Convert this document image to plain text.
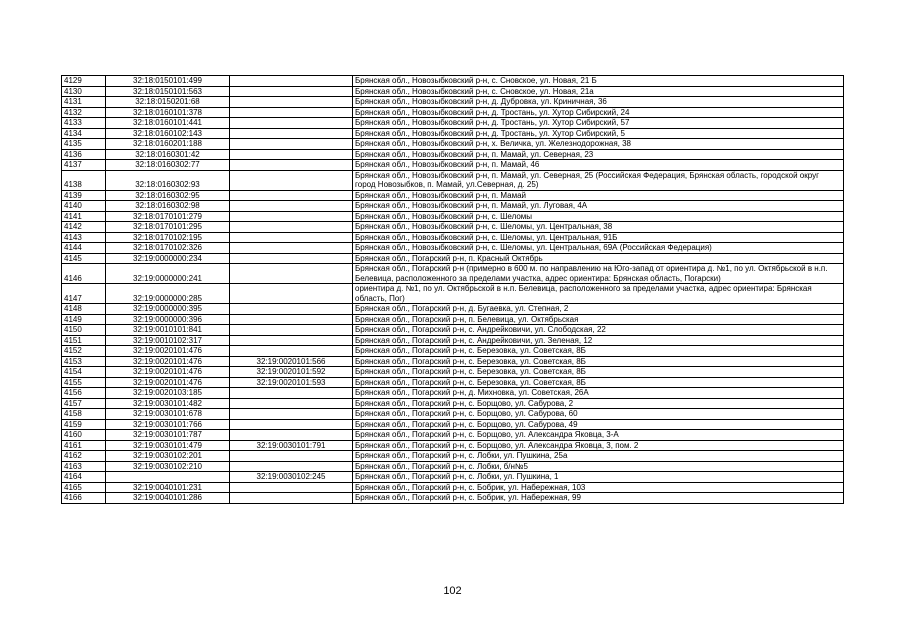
4129	32:18:0150101:499		Брянская обл., Новозыбковский р-н, с. Сновское, ул. Новая, 21 Б
4130	32:18:0150101:563		Брянская обл., Новозыбковский р-н, с. Сновское, ул. Новая, 21а
4131	32:18:0150201:68		Брянская обл., Новозыбковский р-н, д. Дубровка, ул. Криничная, 36
4132	32:18:0160101:378		Брянская обл., Новозыбковский р-н, д. Тростань, ул. Хутор Сибирский, 24
4133	32:18:0160101:441		Брянская обл., Новозыбковский р-н, д. Тростань, ул. Хутор Сибирский, 57
4134	32:18:0160102:143		Брянская обл., Новозыбковский р-н, д. Тростань, ул. Хутор Сибирский, 5
4135	32:18:0160201:188		Брянская обл., Новозыбковский р-н, х. Величка, ул. Железнодорожная, 38
4136	32:18:0160301:42		Брянская обл., Новозыбковский р-н, п. Мамай, ул. Северная, 23
4137	32:18:0160302:77		Брянская обл., Новозыбковский р-н, п. Мамай, 46
4138	32:18:0160302:93		Брянская обл., Новозыбковский р-н, п. Мамай, ул. Северная, 25 (Российская Федерация, Брянская область, городской округ город Новозыбков, п. Мамай, ул.Северная, д. 25)
4139	32:18:0160302:95		Брянская обл., Новозыбковский р-н, п. Мамай
4140	32:18:0160302:98		Брянская обл., Новозыбковский р-н, п. Мамай, ул. Луговая, 4А
4141	32:18:0170101:279		Брянская обл., Новозыбковский р-н, с. Шеломы
4142	32:18:0170101:295		Брянская обл., Новозыбковский р-н, с. Шеломы, ул. Центральная, 38
4143	32:18:0170102:195		Брянская обл., Новозыбковский р-н, с. Шеломы, ул. Центральная, 91Б
4144	32:18:0170102:326		Брянская обл., Новозыбковский р-н, с. Шеломы, ул. Центральная, 69А (Российская Федерация)
4145	32:19:0000000:234		Брянская обл., Погарский р-н, п. Красный Октябрь
4146	32:19:0000000:241		Брянская обл., Погарский р-н (примерно в 600 м. по направлению на Юго-запад от ориентира д. №1, по ул. Октябрьской в н.п. Белевица, расположенного за пределами участка, адрес ориентира: Брянская область, Погарски)
4147	32:19:0000000:285		ориентира д. №1, по ул. Октябрьской в н.п. Белевица, расположенного за пределами участка, адрес ориентира: Брянская область, Пог)
4148	32:19:0000000:395		Брянская обл., Погарский р-н, д. Бугаевка, ул. Степная, 2
4149	32:19:0000000:396		Брянская обл., Погарский р-н, п. Белевица, ул. Октябрьская
4150	32:19:0010101:841		Брянская обл., Погарский р-н, с. Андрейковичи, ул. Слободская, 22
4151	32:19:0010102:317		Брянская обл., Погарский р-н, с. Андрейковичи, ул. Зеленая, 12
4152	32:19:0020101:476		Брянская обл., Погарский р-н, с. Березовка, ул. Советская, 8Б
4153	32:19:0020101:476	32:19:0020101:566	Брянская обл., Погарский р-н, с. Березовка, ул. Советская, 8Б
4154	32:19:0020101:476	32:19:0020101:592	Брянская обл., Погарский р-н, с. Березовка, ул. Советская, 8Б
4155	32:19:0020101:476	32:19:0020101:593	Брянская обл., Погарский р-н, с. Березовка, ул. Советская, 8Б
4156	32:19:0020103:185		Брянская обл., Погарский р-н, д. Михновка, ул. Советская, 26А
4157	32:19:0030101:482		Брянская обл., Погарский р-н, с. Борщово, ул. Сабурова, 2
4158	32:19:0030101:678		Брянская обл., Погарский р-н, с. Борщово, ул. Сабурова, 60
4159	32:19:0030101:766		Брянская обл., Погарский р-н, с. Борщово, ул. Сабурова, 49
4160	32:19:0030101:787		Брянская обл., Погарский р-н, с. Борщово, ул. Александра Яковца, 3-А
4161	32:19:0030101:479	32:19:0030101:791	Брянская обл., Погарский р-н, с. Борщово, ул. Александра Яковца, 3, пом. 2
4162	32:19:0030102:201		Брянская обл., Погарский р-н, с. Лобки, ул. Пушкина, 25а
4163	32:19:0030102:210		Брянская обл., Погарский р-н, с. Лобки, б/н№5
4164		32:19:0030102:245	Брянская обл., Погарский р-н, с. Лобки, ул. Пушкина, 1
4165	32:19:0040101:231		Брянская обл., Погарский р-н, с. Бобрик, ул. Набережная, 103
4166	32:19:0040101:286		Брянская обл., Погарский р-н, с. Бобрик, ул. Набережная, 99
102
